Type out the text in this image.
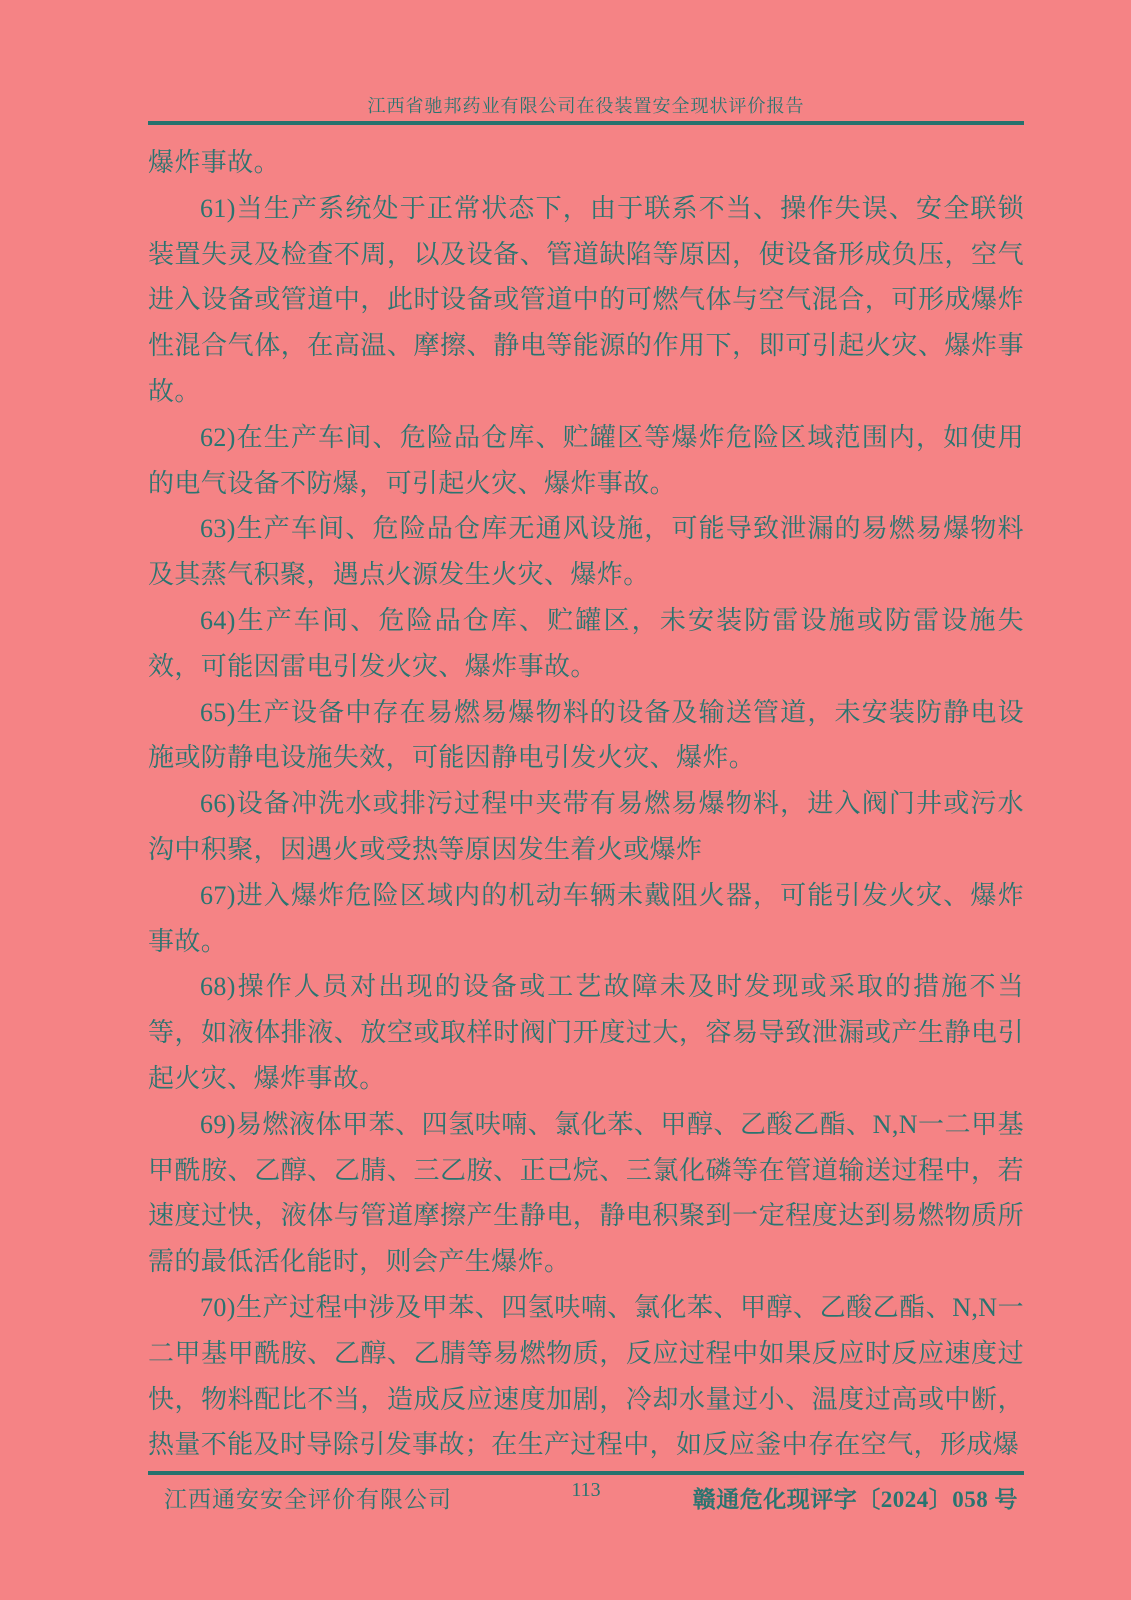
江西省驰邦药业有限公司在役装置安全现状评价报告

爆炸事故。

61)当生产系统处于正常状态下，由于联系不当、操作失误、安全联锁装置失灵及检查不周，以及设备、管道缺陷等原因，使设备形成负压，空气进入设备或管道中，此时设备或管道中的可燃气体与空气混合，可形成爆炸性混合气体，在高温、摩擦、静电等能源的作用下，即可引起火灾、爆炸事故。

62)在生产车间、危险品仓库、贮罐区等爆炸危险区域范围内，如使用的电气设备不防爆，可引起火灾、爆炸事故。

63)生产车间、危险品仓库无通风设施，可能导致泄漏的易燃易爆物料及其蒸气积聚，遇点火源发生火灾、爆炸。

64)生产车间、危险品仓库、贮罐区，未安装防雷设施或防雷设施失效，可能因雷电引发火灾、爆炸事故。

65)生产设备中存在易燃易爆物料的设备及输送管道，未安装防静电设施或防静电设施失效，可能因静电引发火灾、爆炸。

66)设备冲洗水或排污过程中夹带有易燃易爆物料，进入阀门井或污水沟中积聚，因遇火或受热等原因发生着火或爆炸

67)进入爆炸危险区域内的机动车辆未戴阻火器，可能引发火灾、爆炸事故。

68)操作人员对出现的设备或工艺故障未及时发现或采取的措施不当等，如液体排液、放空或取样时阀门开度过大，容易导致泄漏或产生静电引起火灾、爆炸事故。

69)易燃液体甲苯、四氢呋喃、氯化苯、甲醇、乙酸乙酯、N,N一二甲基甲酰胺、乙醇、乙腈、三乙胺、正己烷、三氯化磷等在管道输送过程中，若速度过快，液体与管道摩擦产生静电，静电积聚到一定程度达到易燃物质所需的最低活化能时，则会产生爆炸。

70)生产过程中涉及甲苯、四氢呋喃、氯化苯、甲醇、乙酸乙酯、N,N一二甲基甲酰胺、乙醇、乙腈等易燃物质，反应过程中如果反应时反应速度过快，物料配比不当，造成反应速度加剧，冷却水量过小、温度过高或中断，热量不能及时导除引发事故；在生产过程中，如反应釜中存在空气，形成爆

江西通安安全评价有限公司	113	赣通危化现评字〔2024〕058 号
